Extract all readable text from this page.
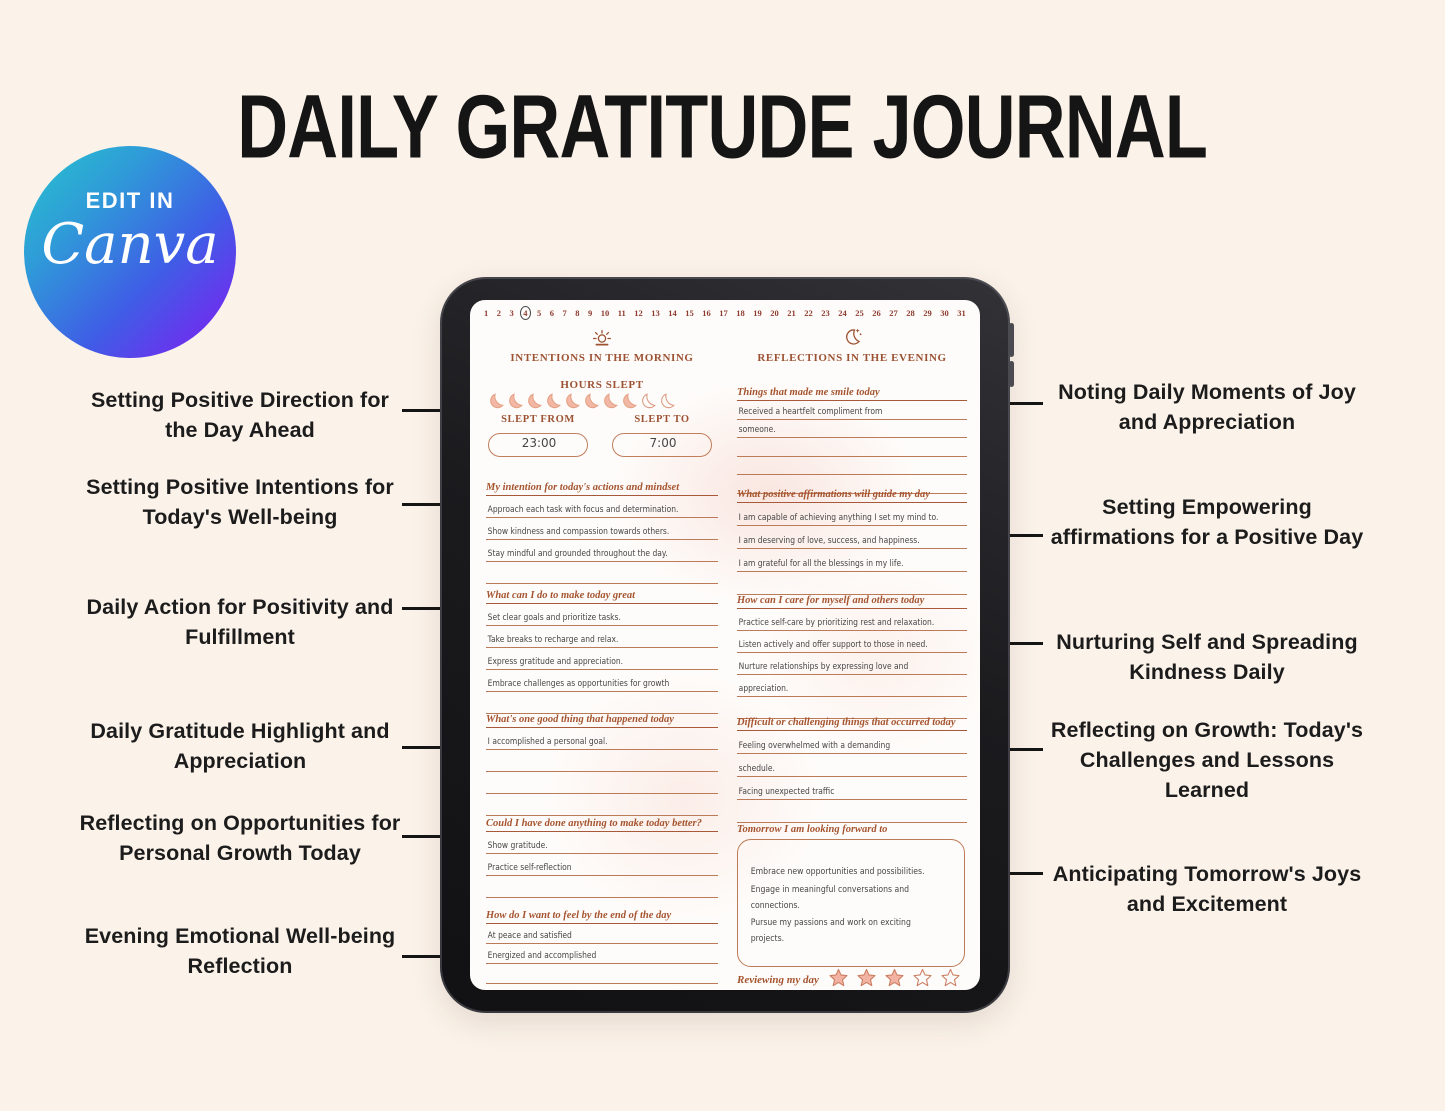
DAILY GRATITUDE JOURNAL
EDIT IN
Canva
Setting Positive Direction for the Day Ahead
Setting Positive Intentions for Today's Well-being
Daily Action for Positivity and Fulfillment
Daily Gratitude Highlight and Appreciation
Reflecting on Opportunities for Personal Growth Today
Evening Emotional Well-being Reflection
Noting Daily Moments of Joy and Appreciation
Setting Empowering affirmations for a Positive Day
Nurturing Self and Spreading Kindness Daily
Reflecting on Growth: Today's Challenges and Lessons Learned
Anticipating Tomorrow's Joys and Excitement
1 2 3	4	5 6 7 8 9 10 11 12 13 14 15 16 17 18 19 20 21 22 23 24 25 26 27 28 29 30 31
INTENTIONS IN THE MORNING
HOURS SLEPT
SLEPT FROM
23:00
SLEPT TO
7:00
My intention for today's actions and mindset
Approach each task with focus and determination.
Show kindness and compassion towards others.
Stay mindful and grounded throughout the day.
What can I do to make today great
Set clear goals and prioritize tasks.
Take breaks to recharge and relax.
Express gratitude and appreciation.
Embrace challenges as opportunities for growth
What's one good thing that happened today
I accomplished a personal goal.
Could I have done anything to make today better?
Show gratitude.
Practice self-reflection
How do I want to feel by the end of the day
At peace and satisfied
Energized and accomplished
REFLECTIONS IN THE EVENING
Things that made me smile today
Received a heartfelt compliment from
someone.
What positive affirmations will guide my day
I am capable of achieving anything I set my mind to.
I am deserving of love, success, and happiness.
I am grateful for all the blessings in my life.
How can I care for myself and others today
Practice self-care by prioritizing rest and relaxation.
Listen actively and offer support to those in need.
Nurture relationships by expressing love and
appreciation.
Difficult or challenging things that occurred today
Feeling overwhelmed with a demanding
schedule.
Facing unexpected traffic
Tomorrow I am looking forward to
Embrace new opportunities and possibilities.
Engage in meaningful conversations and connections.
Pursue my passions and work on exciting projects.
Reviewing my day
